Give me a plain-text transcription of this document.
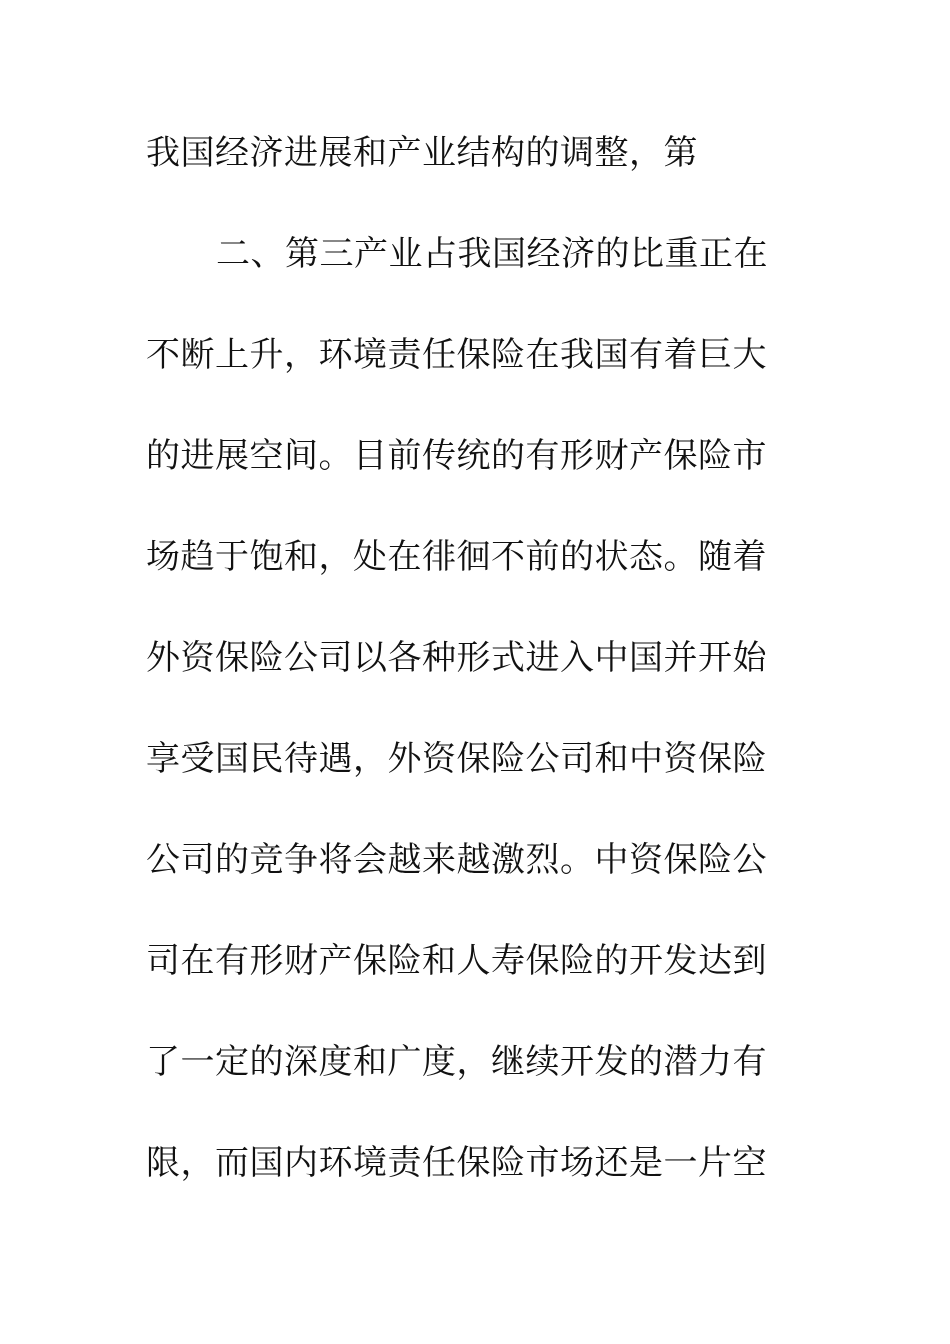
我国经济进展和产业结构的调整，第
二、第三产业占我国经济的比重正在
不断上升，环境责任保险在我国有着巨大
的进展空间。目前传统的有形财产保险市
场趋于饱和，处在徘徊不前的状态。随着
外资保险公司以各种形式进入中国并开始
享受国民待遇，外资保险公司和中资保险
公司的竞争将会越来越激烈。中资保险公
司在有形财产保险和人寿保险的开发达到
了一定的深度和广度，继续开发的潜力有
限，而国内环境责任保险市场还是一片空
